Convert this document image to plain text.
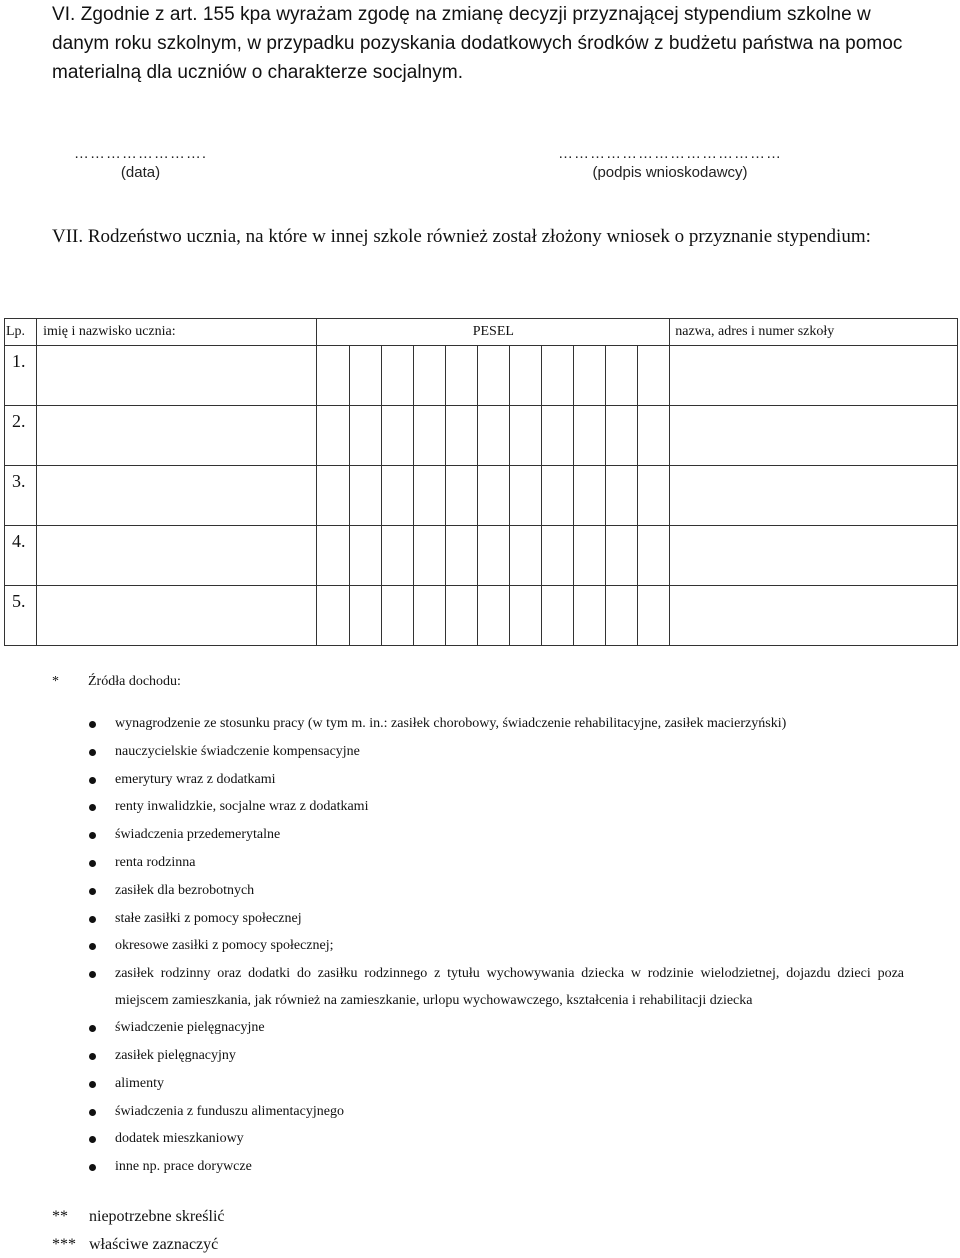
VI. Zgodnie z art. 155 kpa wyrażam zgodę na zmianę decyzji przyznającej stypendium szkolne w danym roku szkolnym, w przypadku pozyskania dodatkowych środków z budżetu państwa na pomoc materialną dla uczniów o charakterze socjalnym.
…………………….
(data)
……………………………………
(podpis wnioskodawcy)
VII. Rodzeństwo ucznia, na które w innej szkole również został złożony wniosek o przyznanie stypendium:
Lp.	imię i nazwisko ucznia:	PESEL											nazwa, adres i numer szkoły
1.													
2.													
3.													
4.													
5.													
* Źródła dochodu:
wynagrodzenie ze stosunku pracy (w tym m. in.: zasiłek chorobowy, świadczenie rehabilitacyjne, zasiłek macierzyński)
nauczycielskie świadczenie kompensacyjne
emerytury wraz z dodatkami
renty inwalidzkie, socjalne wraz z dodatkami
świadczenia przedemerytalne
renta rodzinna
zasiłek dla bezrobotnych
stałe zasiłki z pomocy społecznej
okresowe zasiłki z pomocy społecznej;
zasiłek rodzinny oraz dodatki do zasiłku rodzinnego z tytułu wychowywania dziecka w rodzinie wielodzietnej, dojazdu dzieci poza miejscem zamieszkania, jak również na zamieszkanie, urlopu wychowawczego, kształcenia i rehabilitacji dziecka
świadczenie pielęgnacyjne
zasiłek pielęgnacyjny
alimenty
świadczenia z funduszu alimentacyjnego
dodatek mieszkaniowy
inne np. prace dorywcze
** niepotrzebne skreślić
*** właściwe zaznaczyć
